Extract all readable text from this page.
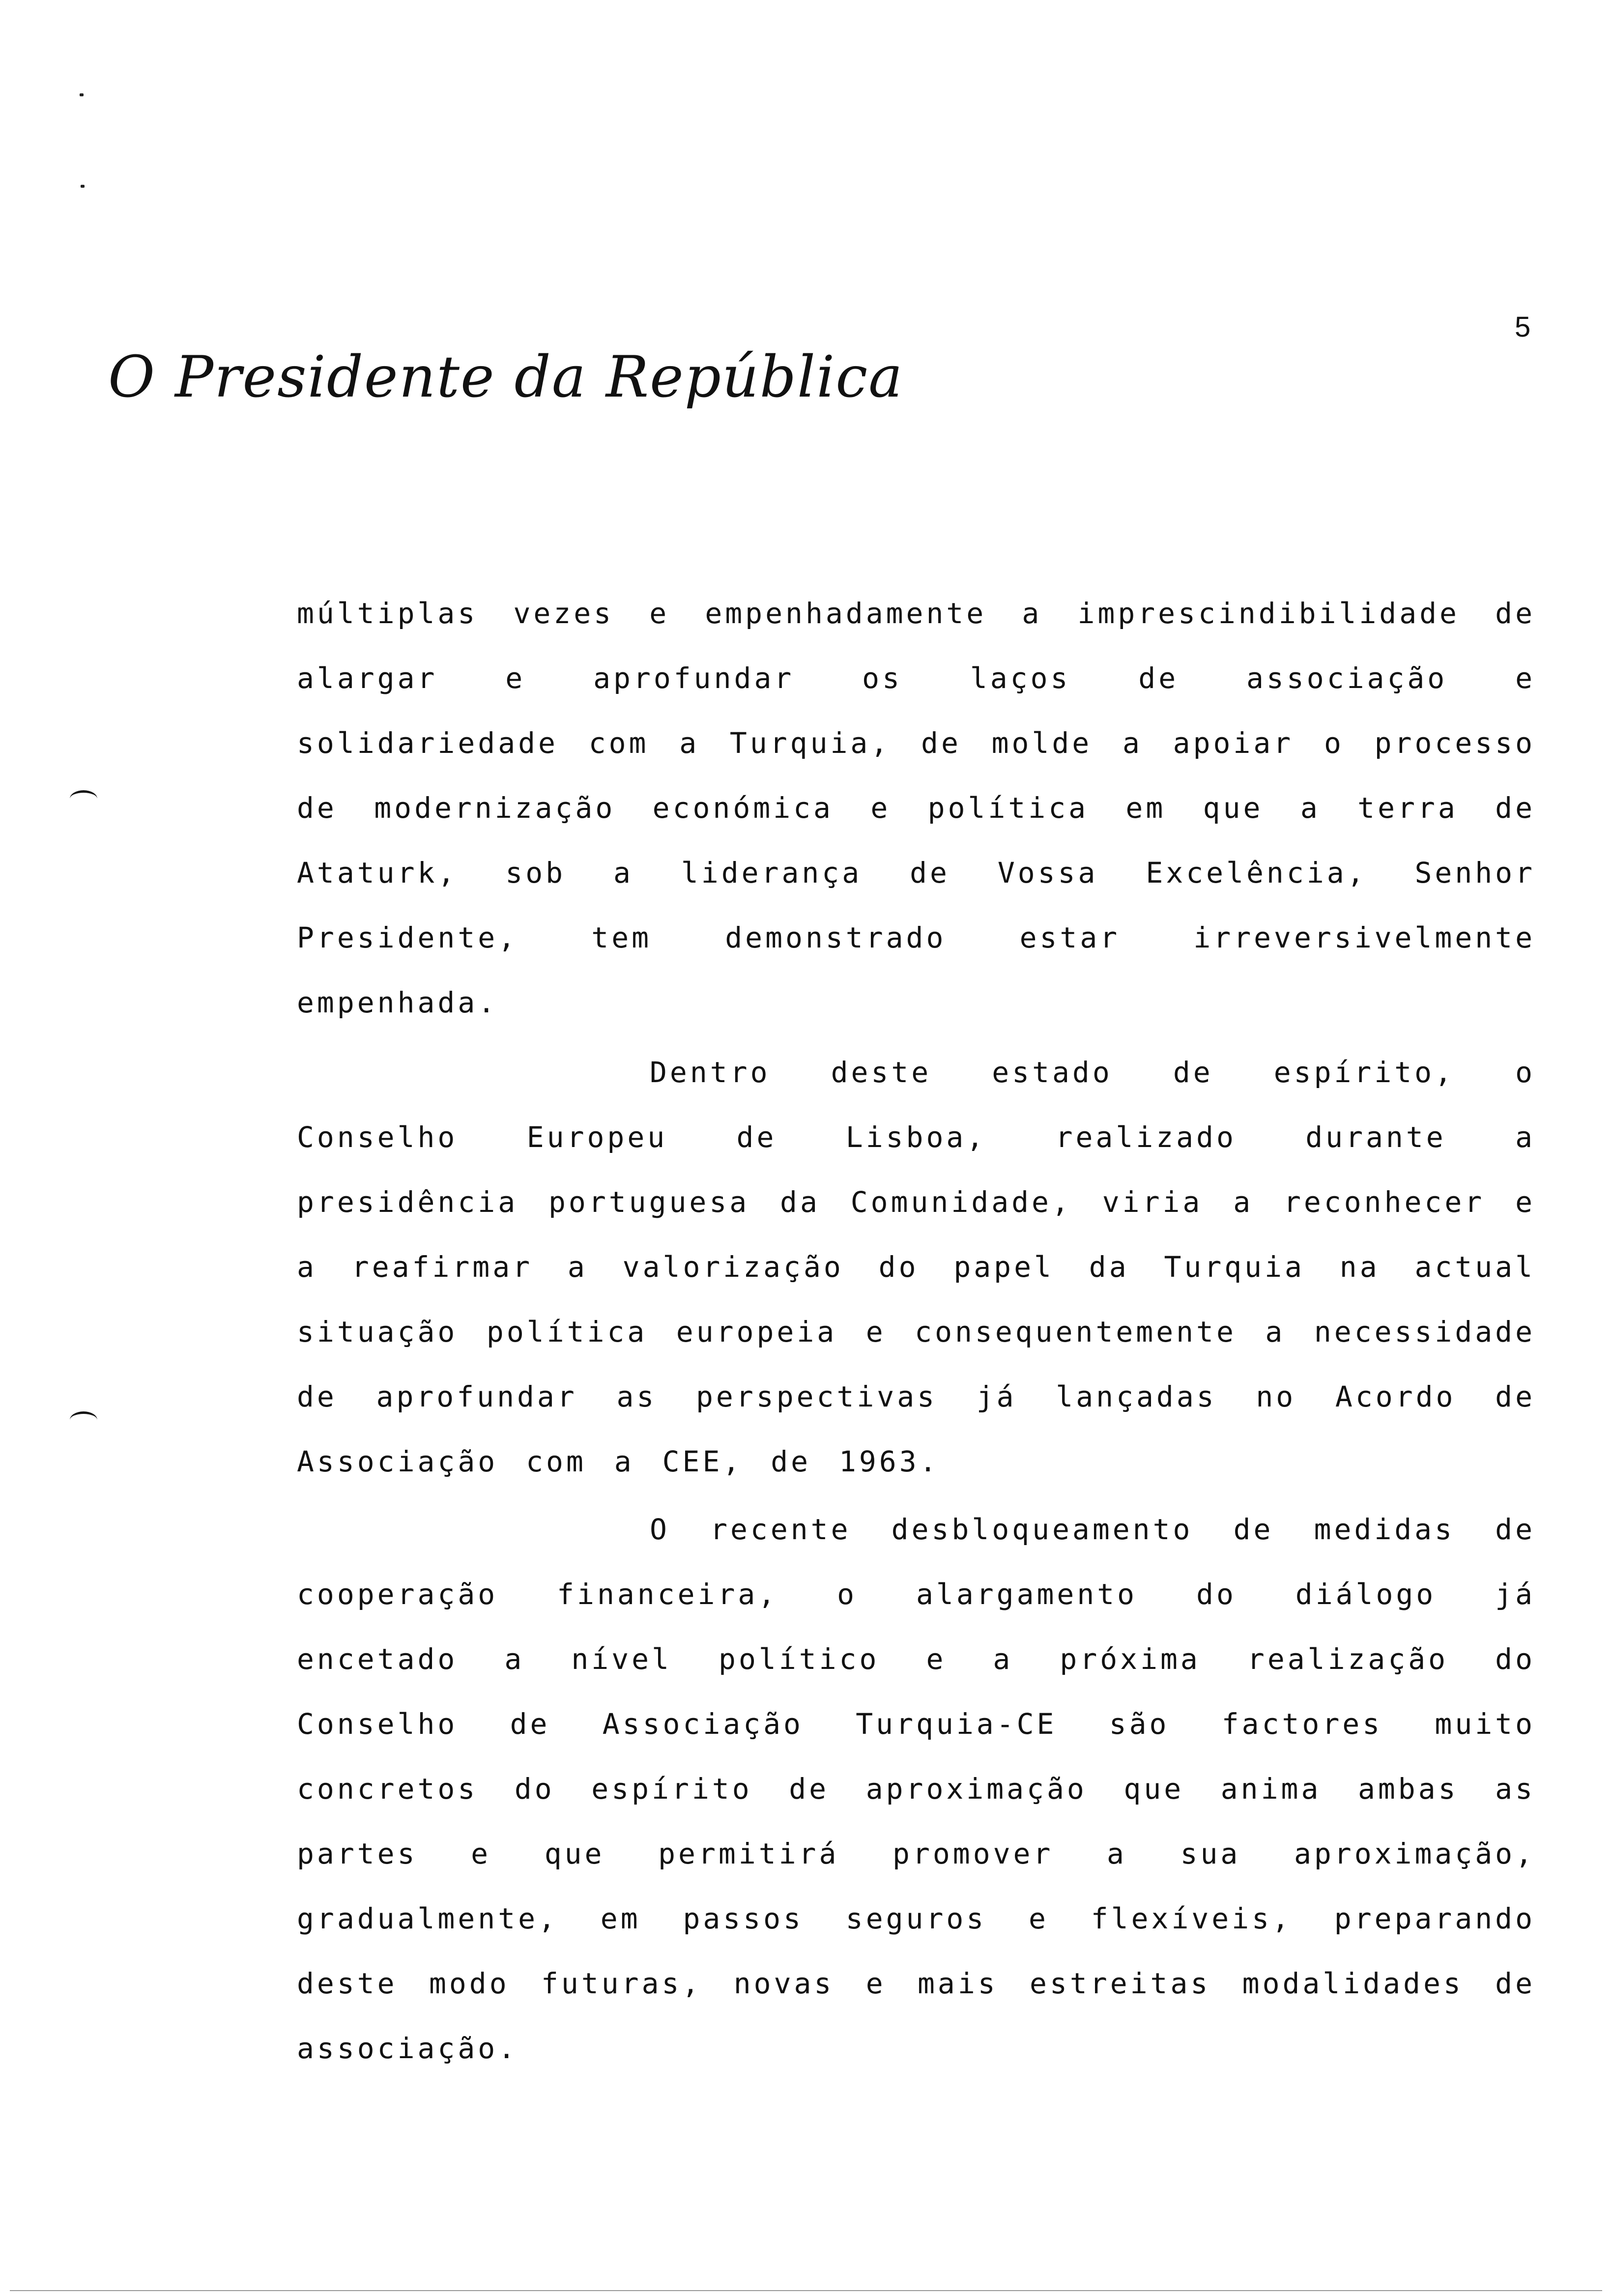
5
O Presidente da República

múltiplas vezes e empenhadamente a imprescindibilidade de alargar e aprofundar os laços de associação e solidariedade com a Turquia, de molde a apoiar o processo de modernização económica e política em que a terra de Ataturk, sob a liderança de Vossa Excelência, Senhor Presidente, tem demonstrado estar irreversivelmente empenhada.

Dentro deste estado de espírito, o Conselho Europeu de Lisboa, realizado durante a presidência portuguesa da Comunidade, viria a reconhecer e a reafirmar a valorização do papel da Turquia na actual situação política europeia e consequentemente a necessidade de aprofundar as perspectivas já lançadas no Acordo de Associação com a CEE, de 1963.

O recente desbloqueamento de medidas de cooperação financeira, o alargamento do diálogo já encetado a nível político e a próxima realização do Conselho de Associação Turquia-CE são factores muito concretos do espírito de aproximação que anima ambas as partes e que permitirá promover a sua aproximação, gradualmente, em passos seguros e flexíveis, preparando deste modo futuras, novas e mais estreitas modalidades de associação.
